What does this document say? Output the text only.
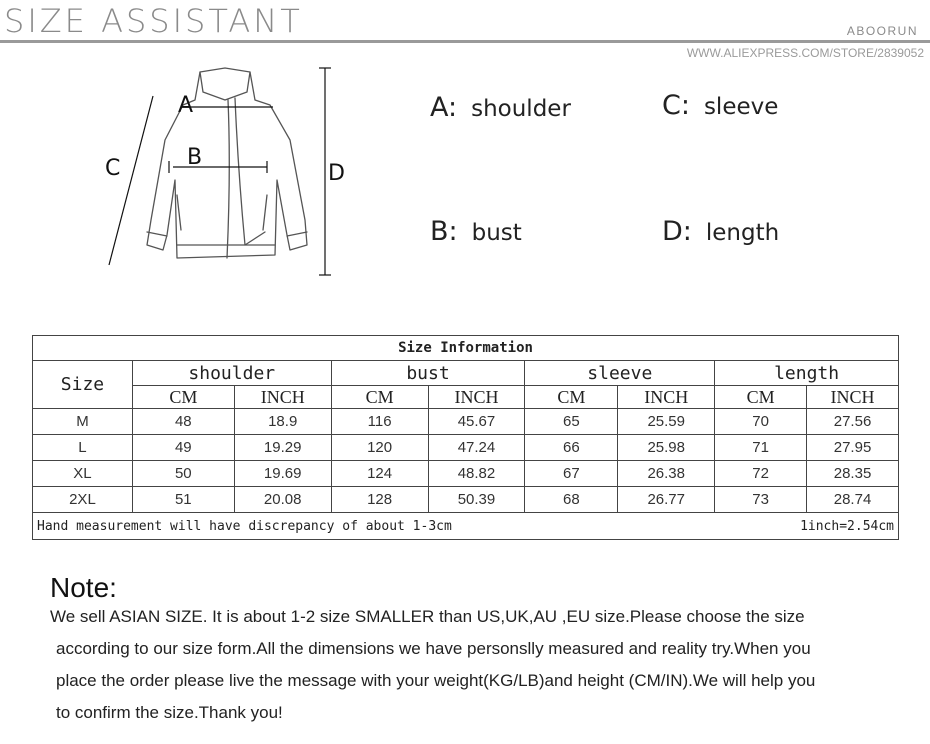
SIZE ASSISTANT	ABOORUN
WWW.ALIEXPRESS.COM/STORE/2839052
A
B
C	D
A: shoulder	C: sleeve
B: bust	D: length
Size Information								
Size	shoulder		bust		sleeve		length	
	CM	INCH	CM	INCH	CM	INCH	CM	INCH
M	48	18.9	116	45.67	65	25.59	70	27.56
L	49	19.29	120	47.24	66	25.98	71	27.95
XL	50	19.69	124	48.82	67	26.38	72	28.35
2XL	51	20.08	128	50.39	68	26.77	73	28.74

Hand measurement will have discrepancy of about 1-3cm 1inch=2.54cm								
Note:
We sell ASIAN SIZE. It is about 1-2 size SMALLER than US,UK,AU ,EU size.Please choose the size
according to our size form.All the dimensions we have personslly measured and reality try.When you
place the order please live the message with your weight(KG/LB)and height (CM/IN).We will help you
to confirm the size.Thank you!
